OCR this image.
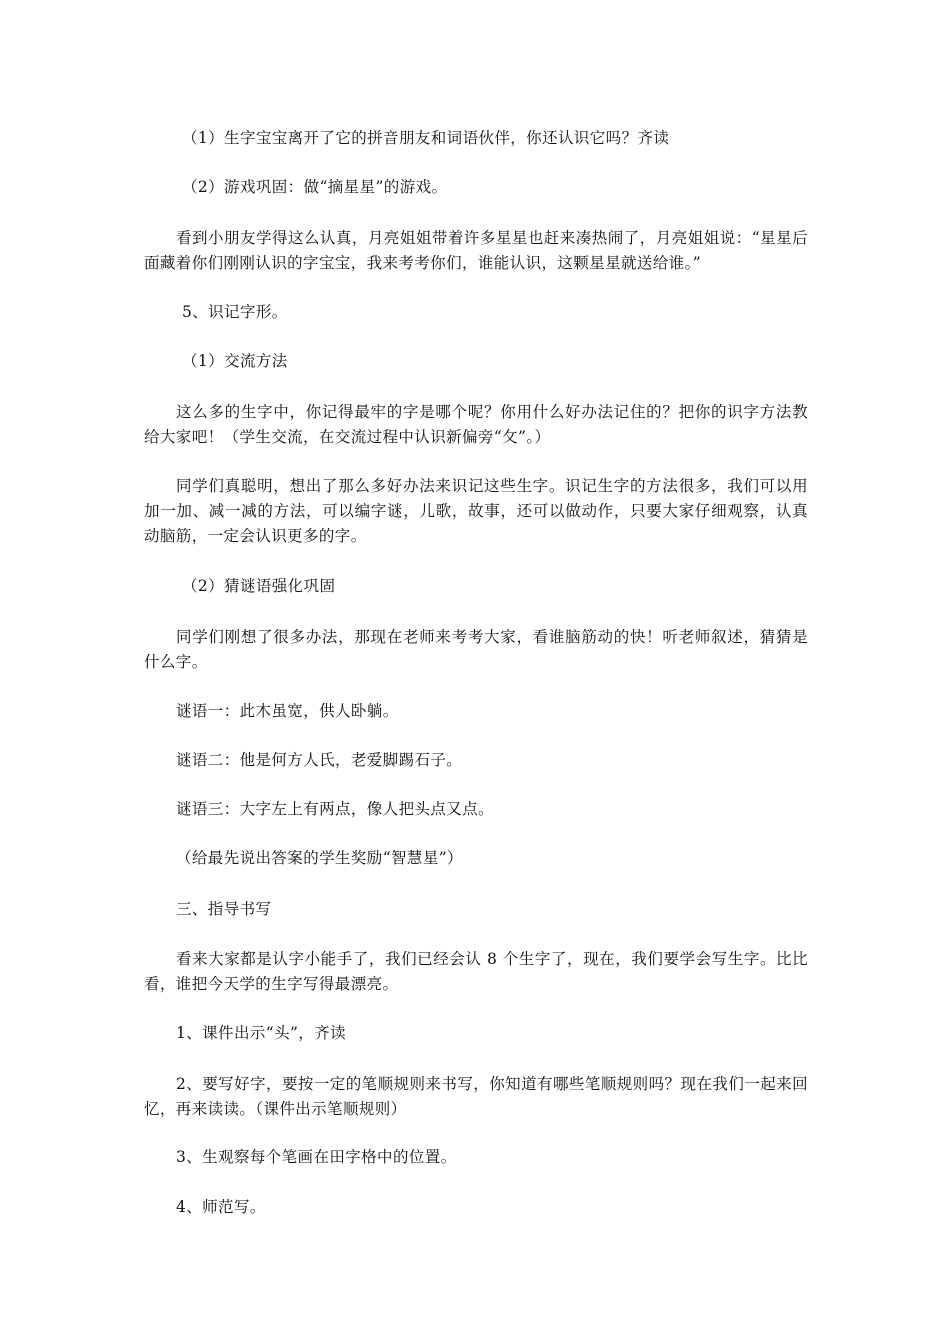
（1）生字宝宝离开了它的拼音朋友和词语伙伴，你还认识它吗？齐读

（2）游戏巩固：做“摘星星”的游戏。

看到小朋友学得这么认真，月亮姐姐带着许多星星也赶来凑热闹了，月亮姐姐说：“星星后面藏着你们刚刚认识的字宝宝，我来考考你们，谁能认识，这颗星星就送给谁。”

5、识记字形。

（1）交流方法

这么多的生字中，你记得最牢的字是哪个呢？你用什么好办法记住的？把你的识字方法教给大家吧！（学生交流，在交流过程中认识新偏旁“攵”。）

同学们真聪明，想出了那么多好办法来识记这些生字。识记生字的方法很多，我们可以用加一加、减一减的方法，可以编字谜，儿歌，故事，还可以做动作，只要大家仔细观察，认真动脑筋，一定会认识更多的字。

（2）猜谜语强化巩固

同学们刚想了很多办法，那现在老师来考考大家，看谁脑筋动的快！听老师叙述，猜猜是什么字。

谜语一：此木虽宽，供人卧躺。

谜语二：他是何方人氏，老爱脚踢石子。

谜语三：大字左上有两点，像人把头点又点。

（给最先说出答案的学生奖励“智慧星”）

三、指导书写

看来大家都是认字小能手了，我们已经会认 8 个生字了，现在，我们要学会写生字。比比看，谁把今天学的生字写得最漂亮。

1、课件出示“头”，齐读

2、要写好字，要按一定的笔顺规则来书写，你知道有哪些笔顺规则吗？现在我们一起来回忆，再来读读。（课件出示笔顺规则）

3、生观察每个笔画在田字格中的位置。

4、师范写。
